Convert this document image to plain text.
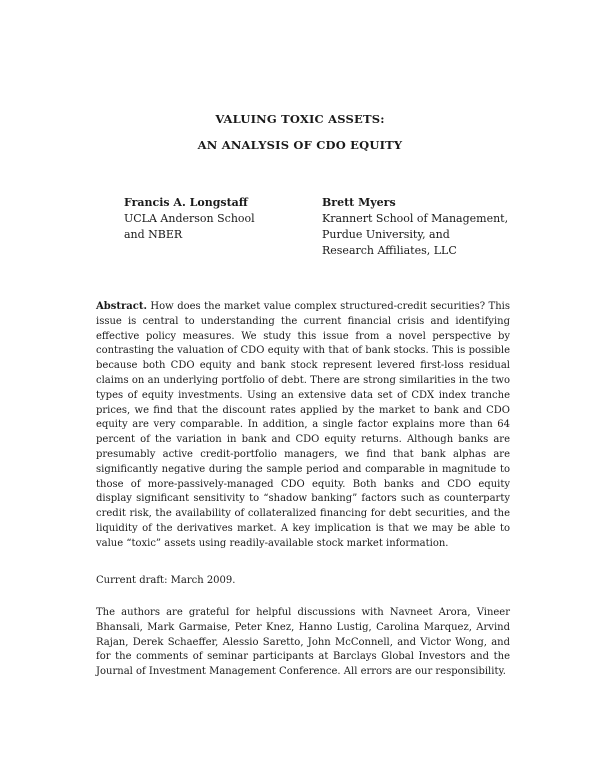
VALUING TOXIC ASSETS:
AN ANALYSIS OF CDO EQUITY
Francis A. Longstaff
UCLA Anderson School
and NBER
Brett Myers
Krannert School of Management,
Purdue University, and
Research Affiliates, LLC
Abstract. How does the market value complex structured-credit securities? This issue is central to understanding the current financial crisis and identifying effective policy measures. We study this issue from a novel perspective by contrasting the valuation of CDO equity with that of bank stocks. This is possible because both CDO equity and bank stock represent levered first-loss residual claims on an underlying portfolio of debt. There are strong similarities in the two types of equity investments. Using an extensive data set of CDX index tranche prices, we find that the discount rates applied by the market to bank and CDO equity are very comparable. In addition, a single factor explains more than 64 percent of the variation in bank and CDO equity returns. Although banks are presumably active credit-portfolio managers, we find that bank alphas are significantly negative during the sample period and comparable in magnitude to those of more-passively-managed CDO equity. Both banks and CDO equity display significant sensitivity to “shadow banking” factors such as counterparty credit risk, the availability of collateralized financing for debt securities, and the liquidity of the derivatives market. A key implication is that we may be able to value “toxic” assets using readily-available stock market information.
Current draft: March 2009.
The authors are grateful for helpful discussions with Navneet Arora, Vineer Bhansali, Mark Garmaise, Peter Knez, Hanno Lustig, Carolina Marquez, Arvind Rajan, Derek Schaeffer, Alessio Saretto, John McConnell, and Victor Wong, and for the comments of seminar participants at Barclays Global Investors and the Journal of Investment Management Conference. All errors are our responsibility.
